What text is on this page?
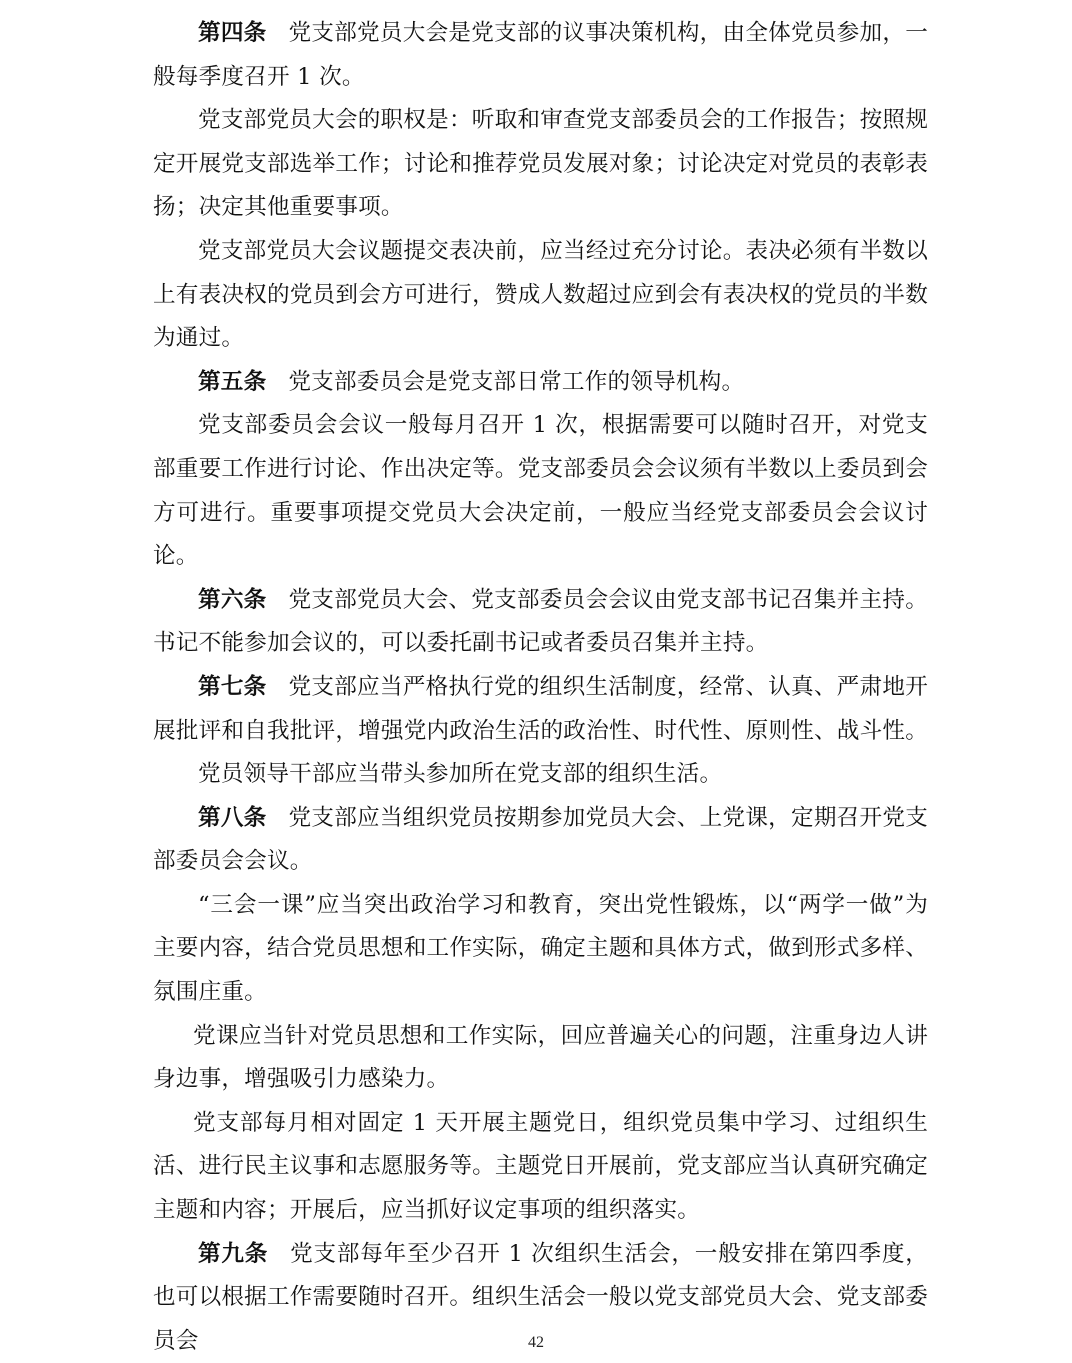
第四条 党支部党员大会是党支部的议事决策机构，由全体党员参加，一般每季度召开 1 次。

党支部党员大会的职权是：听取和审查党支部委员会的工作报告；按照规定开展党支部选举工作；讨论和推荐党员发展对象；讨论决定对党员的表彰表扬；决定其他重要事项。

党支部党员大会议题提交表决前，应当经过充分讨论。表决必须有半数以上有表决权的党员到会方可进行，赞成人数超过应到会有表决权的党员的半数为通过。

第五条 党支部委员会是党支部日常工作的领导机构。

党支部委员会会议一般每月召开 1 次，根据需要可以随时召开，对党支部重要工作进行讨论、作出决定等。党支部委员会会议须有半数以上委员到会方可进行。重要事项提交党员大会决定前，一般应当经党支部委员会会议讨论。

第六条 党支部党员大会、党支部委员会会议由党支部书记召集并主持。书记不能参加会议的，可以委托副书记或者委员召集并主持。

第七条 党支部应当严格执行党的组织生活制度，经常、认真、严肃地开展批评和自我批评，增强党内政治生活的政治性、时代性、原则性、战斗性。

党员领导干部应当带头参加所在党支部的组织生活。

第八条 党支部应当组织党员按期参加党员大会、上党课，定期召开党支部委员会会议。

“三会一课”应当突出政治学习和教育，突出党性锻炼，以“两学一做”为主要内容，结合党员思想和工作实际，确定主题和具体方式，做到形式多样、氛围庄重。

党课应当针对党员思想和工作实际，回应普遍关心的问题，注重身边人讲身边事，增强吸引力感染力。

党支部每月相对固定 1 天开展主题党日，组织党员集中学习、过组织生活、进行民主议事和志愿服务等。主题党日开展前，党支部应当认真研究确定主题和内容；开展后，应当抓好议定事项的组织落实。

第九条 党支部每年至少召开 1 次组织生活会，一般安排在第四季度，也可以根据工作需要随时召开。组织生活会一般以党支部党员大会、党支部委员会	42
